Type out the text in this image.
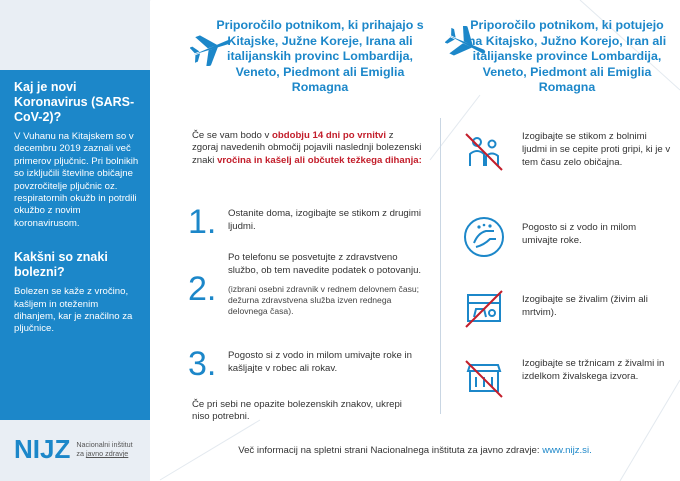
Kaj je novi Koronavirus (SARS-CoV-2)?
V Vuhanu na Kitajskem so v decembru 2019 zaznali več primerov pljučnic. Pri bolnikih so izključili številne običajne povzročitelje pljučnic oz. respiratornih okužb in potrdili okužbo z novim koronavirusom.
Kakšni so znaki bolezni?
Bolezen se kaže z vročino, kašljem in oteženim dihanjem, kar je značilno za pljučnice.
NIJZ Nacionalni inštitut
za javno zdravje
Priporočilo potnikom, ki prihajajo s Kitajske, Južne Koreje, Irana ali italijanskih provinc Lombardija, Veneto, Piedmont ali Emiglia Romagna
Priporočilo potnikom, ki potujejo na Kitajsko, Južno Korejo, Iran ali italijanske province Lombardija, Veneto, Piedmont ali Emiglia Romagna
Če se vam bodo v obdobju 14 dni po vrnitvi z zgoraj navedenih območij pojavili naslednji bolezenski znaki vročina in kašelj ali občutek težkega dihanja:
1. Ostanite doma, izogibajte se stikom z drugimi ljudmi.
2.
Po telefonu se posvetujte z zdravstveno službo, ob tem navedite podatek o potovanju.
(izbrani osebni zdravnik v rednem delovnem času; dežurna zdravstvena služba izven rednega delovnega časa).
3. Pogosto si z vodo in milom umivajte roke in kašljajte v robec ali rokav.
Če pri sebi ne opazite bolezenskih znakov, ukrepi niso potrebni.
Izogibajte se stikom z bolnimi ljudmi in se cepite proti gripi, ki je v tem času zelo običajna.
Pogosto si z vodo in milom umivajte roke.
Izogibajte se živalim (živim ali mrtvim).
Izogibajte se tržnicam z živalmi in izdelkom živalskega izvora.
Več informacij na spletni strani Nacionalnega inštituta za javno zdravje: www.nijz.si.
